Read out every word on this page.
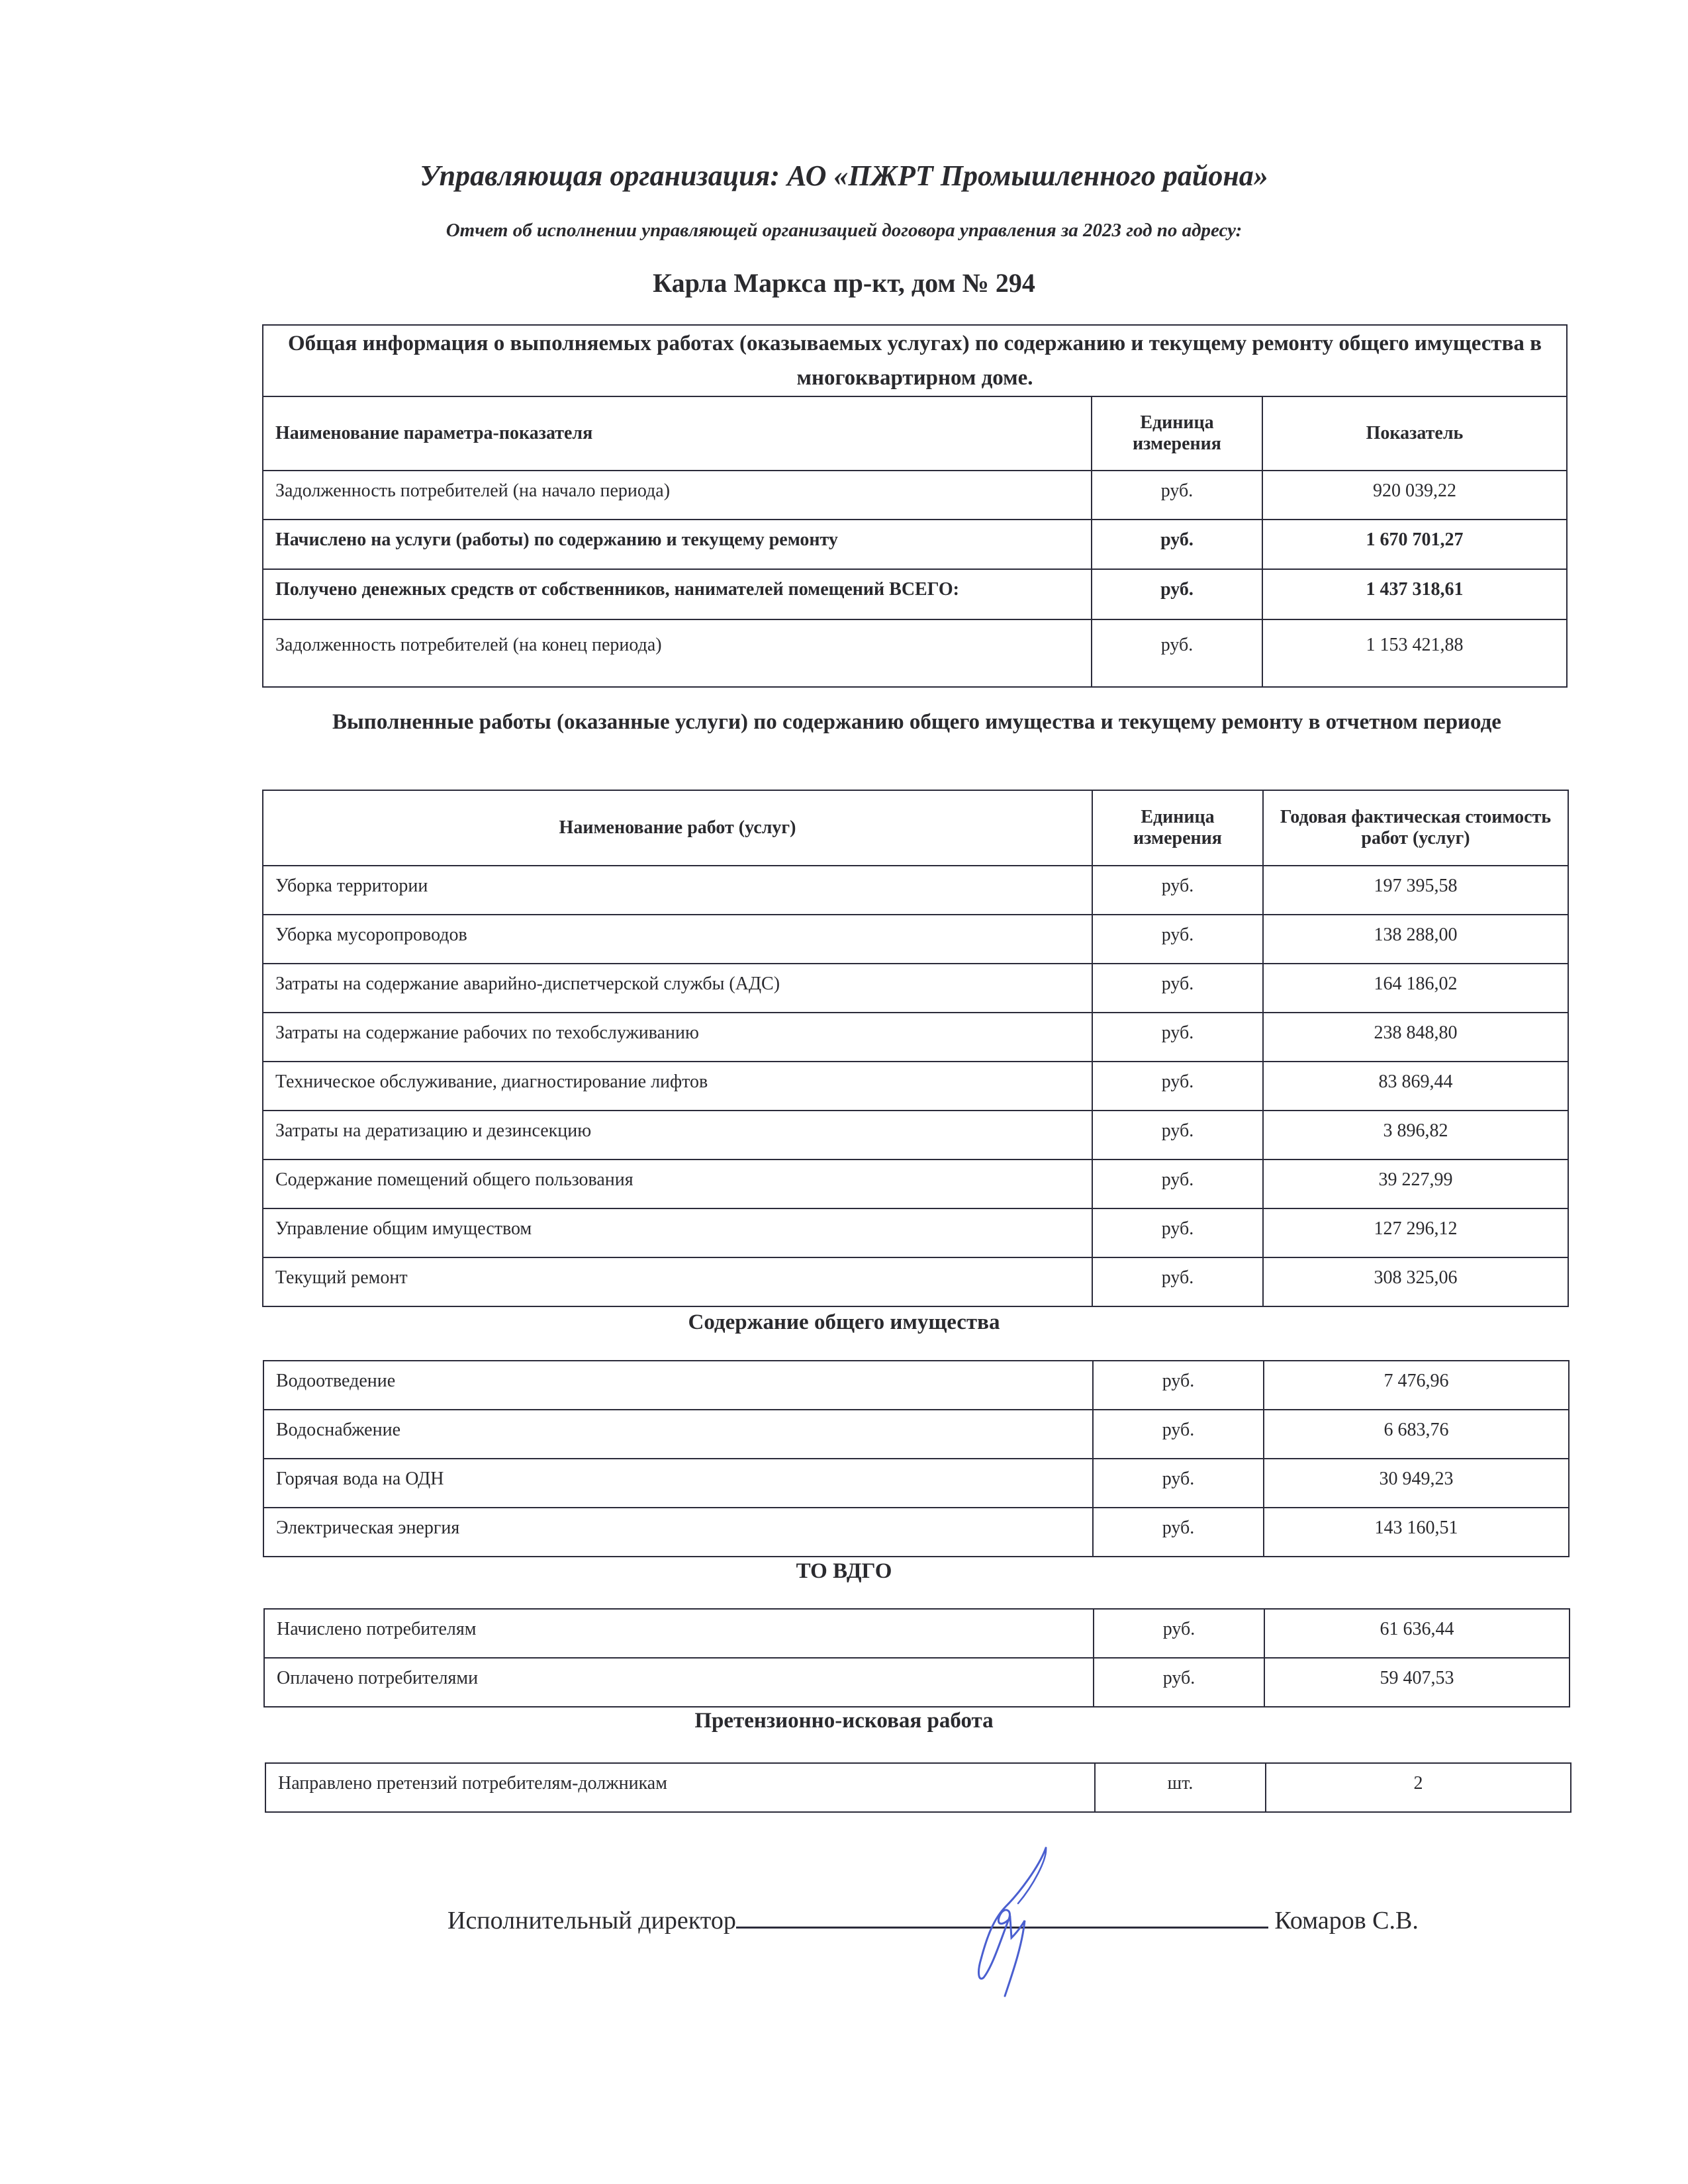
Управляющая организация: АО «ПЖРТ Промышленного района»
Отчет об исполнении управляющей организацией договора управления за 2023 год по адресу:
Карла Маркса пр-кт, дом № 294
Общая информация о выполняемых работах (оказываемых услугах) по содержанию и текущему ремонту общего имущества в многоквартирном доме.		
Наименование параметра-показателя	Единица измерения	Показатель
Задолженность потребителей (на начало периода)	руб.	920 039,22
Начислено на услуги (работы) по содержанию и текущему ремонту	руб.	1 670 701,27
Получено денежных средств от собственников, нанимателей помещений ВСЕГО:	руб.	1 437 318,61
Задолженность потребителей (на конец периода)	руб.	1 153 421,88
Выполненные работы (оказанные услуги) по содержанию общего имущества и текущему ремонту в отчетном периоде
Наименование работ (услуг)	Единица измерения	Годовая фактическая стоимость работ (услуг)
Уборка территории	руб.	197 395,58
Уборка мусоропроводов	руб.	138 288,00
Затраты на содержание аварийно-диспетчерской службы (АДС)	руб.	164 186,02
Затраты на содержание рабочих по техобслуживанию	руб.	238 848,80
Техническое обслуживание, диагностирование лифтов	руб.	83 869,44
Затраты на дератизацию и дезинсекцию	руб.	3 896,82
Содержание помещений общего пользования	руб.	39 227,99
Управление общим имуществом	руб.	127 296,12
Текущий ремонт	руб.	308 325,06
Содержание общего имущества
Водоотведение	руб.	7 476,96
Водоснабжение	руб.	6 683,76
Горячая вода на ОДН	руб.	30 949,23
Электрическая энергия	руб.	143 160,51
ТО ВДГО
Начислено потребителям	руб.	61 636,44
Оплачено потребителями	руб.	59 407,53
Претензионно-исковая работа
Направлено претензий потребителям-должникам	шт.	2
Исполнительный директор	Комаров С.В.
